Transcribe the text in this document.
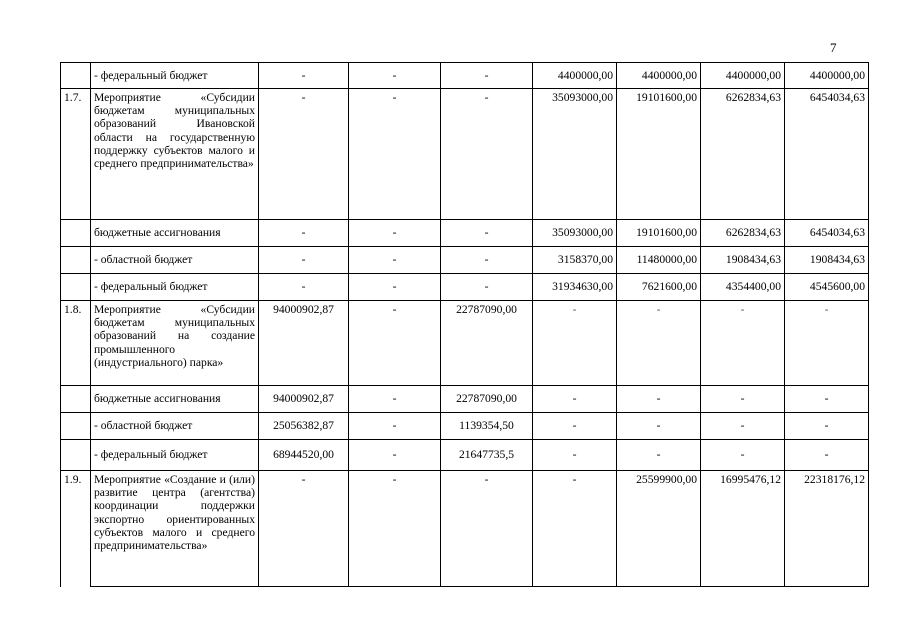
7
	- федеральный бюджет	-	-	-	4400000,00	4400000,00	4400000,00	4400000,00
1.7.	Мероприятие «Субсидии бюджетам муниципальных образований Ивановской области на государственную поддержку субъектов малого и среднего предпринимательства»	-	-	-	35093000,00	19101600,00	6262834,63	6454034,63
	бюджетные ассигнования	-	-	-	35093000,00	19101600,00	6262834,63	6454034,63
	- областной бюджет	-	-	-	3158370,00	11480000,00	1908434,63	1908434,63
	- федеральный бюджет	-	-	-	31934630,00	7621600,00	4354400,00	4545600,00
1.8.	Мероприятие «Субсидии бюджетам муниципальных образований на создание промышленного (индустриального) парка»	94000902,87	-	22787090,00	-	-	-	-
	бюджетные ассигнования	94000902,87	-	22787090,00	-	-	-	-
	- областной бюджет	25056382,87	-	1139354,50	-	-	-	-
	- федеральный бюджет	68944520,00	-	21647735,5	-	-	-	-
1.9.	Мероприятие «Создание и (или) развитие центра (агентства) координации поддержки экспортно ориентированных субъектов малого и среднего предпринимательства»	-	-	-	-	25599900,00	16995476,12	22318176,12
